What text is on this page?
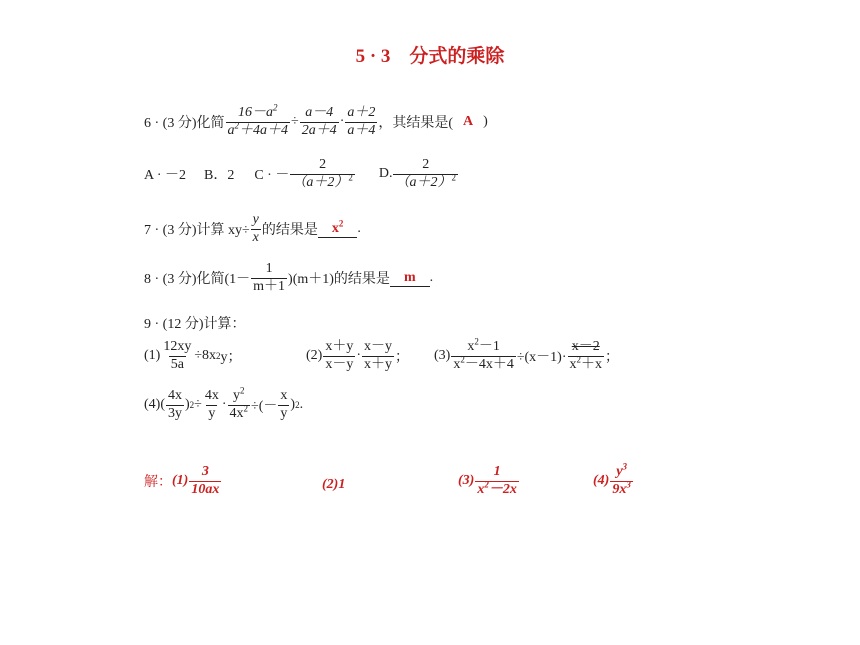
5 · 3　分式的乘除
6 · (3 分)化简 $\frac{16-a^2}{a^2+4a+4} \div \frac{a-4}{2a+4} \cdot \frac{a+2}{a+4}$ ，其结果是( A )
A · －2 B．2 C · － $\frac{2}{(a+2)^2} D$. $\frac{2}{(a+2)^2}$
7 · (3 分)计算 $xy\div \frac{y}{x}$ 的结果是	$x^2$	.
8 · (3 分)化简$(1- \frac{1}{m+1} )(m+1)$的结果是	m	.
9 · (12 分)计算：
$(1) \frac{12xy}{5a} \div 8x$ 2 y；	$(2) \frac{x+y}{x-y} \cdot \frac{x-y}{x+y}$ ； $(3) \frac{x^2-1}{x^2-4x+4} \div(x-1)\cdot \frac{x-2}{x^2+x}$ ；
$(4)( \frac{4x}{3y}$ ) $2 \div \frac{4x}{y} \cdot \frac{y^2}{4x^2}$ ÷(－ $\frac{x}{y}$ ) 2 .
解： $(1) \frac{3}{10ax}$	(2)1	$(3) \frac{1}{x^2-2x}$	$(4) \frac{y^3}{9x^3}$
